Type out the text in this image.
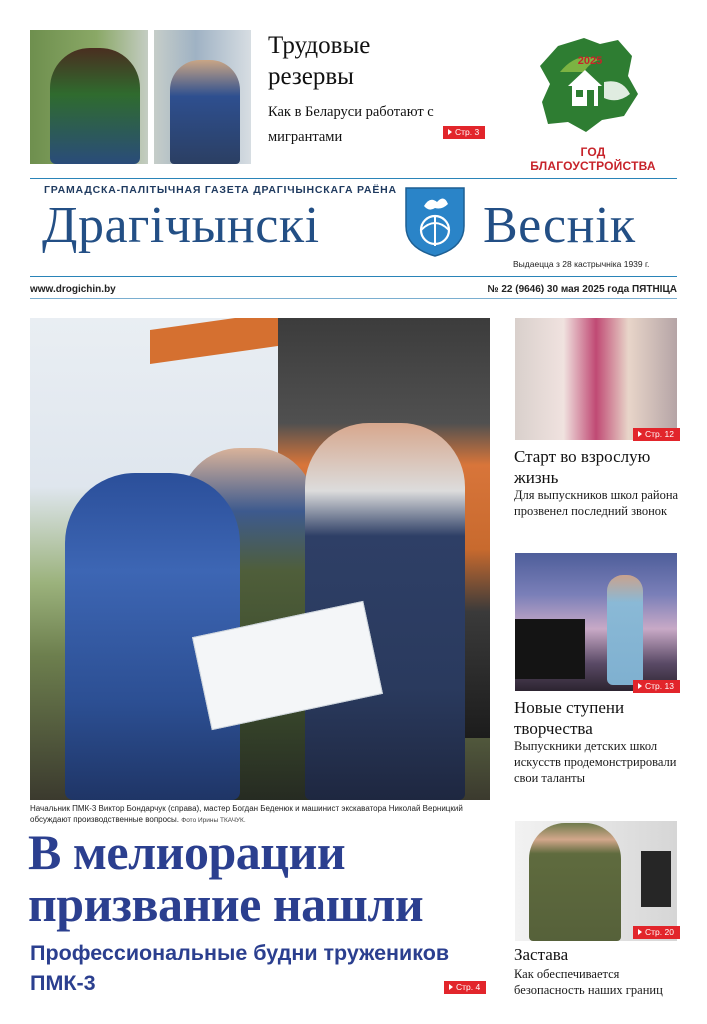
Трудовые резервы
Как в Беларуси работают с мигрантами	Стр. 3
2025
ГОД БЛАГОУСТРОЙСТВА
ГРАМАДСКА-ПАЛІТЫЧНАЯ ГАЗЕТА ДРАГІЧЫНСКАГА РАЁНА
Драгічынскі	Веснік
Выдаецца з 28 кастрычніка 1939 г.
www.drogichin.by	№ 22 (9646) 30 мая 2025 года ПЯТНІЦА
Начальник ПМК-3 Виктор Бондарчук (справа), мастер Богдан Беденюк и машинист экскаватора Николай Верницкий обсуждают производственные вопросы. Фото Ирины ТКАЧУК.
В мелиорации призвание нашли
Профессиональные будни тружеников ПМК-3	Стр. 4
Стр. 12
Старт во взрослую жизнь
Для выпускников школ района прозвенел последний звонок
Стр. 13
Новые ступени творчества
Выпускники детских школ искусств продемонстрировали свои таланты
Стр. 20
Застава
Как обеспечивается безопасность наших границ
